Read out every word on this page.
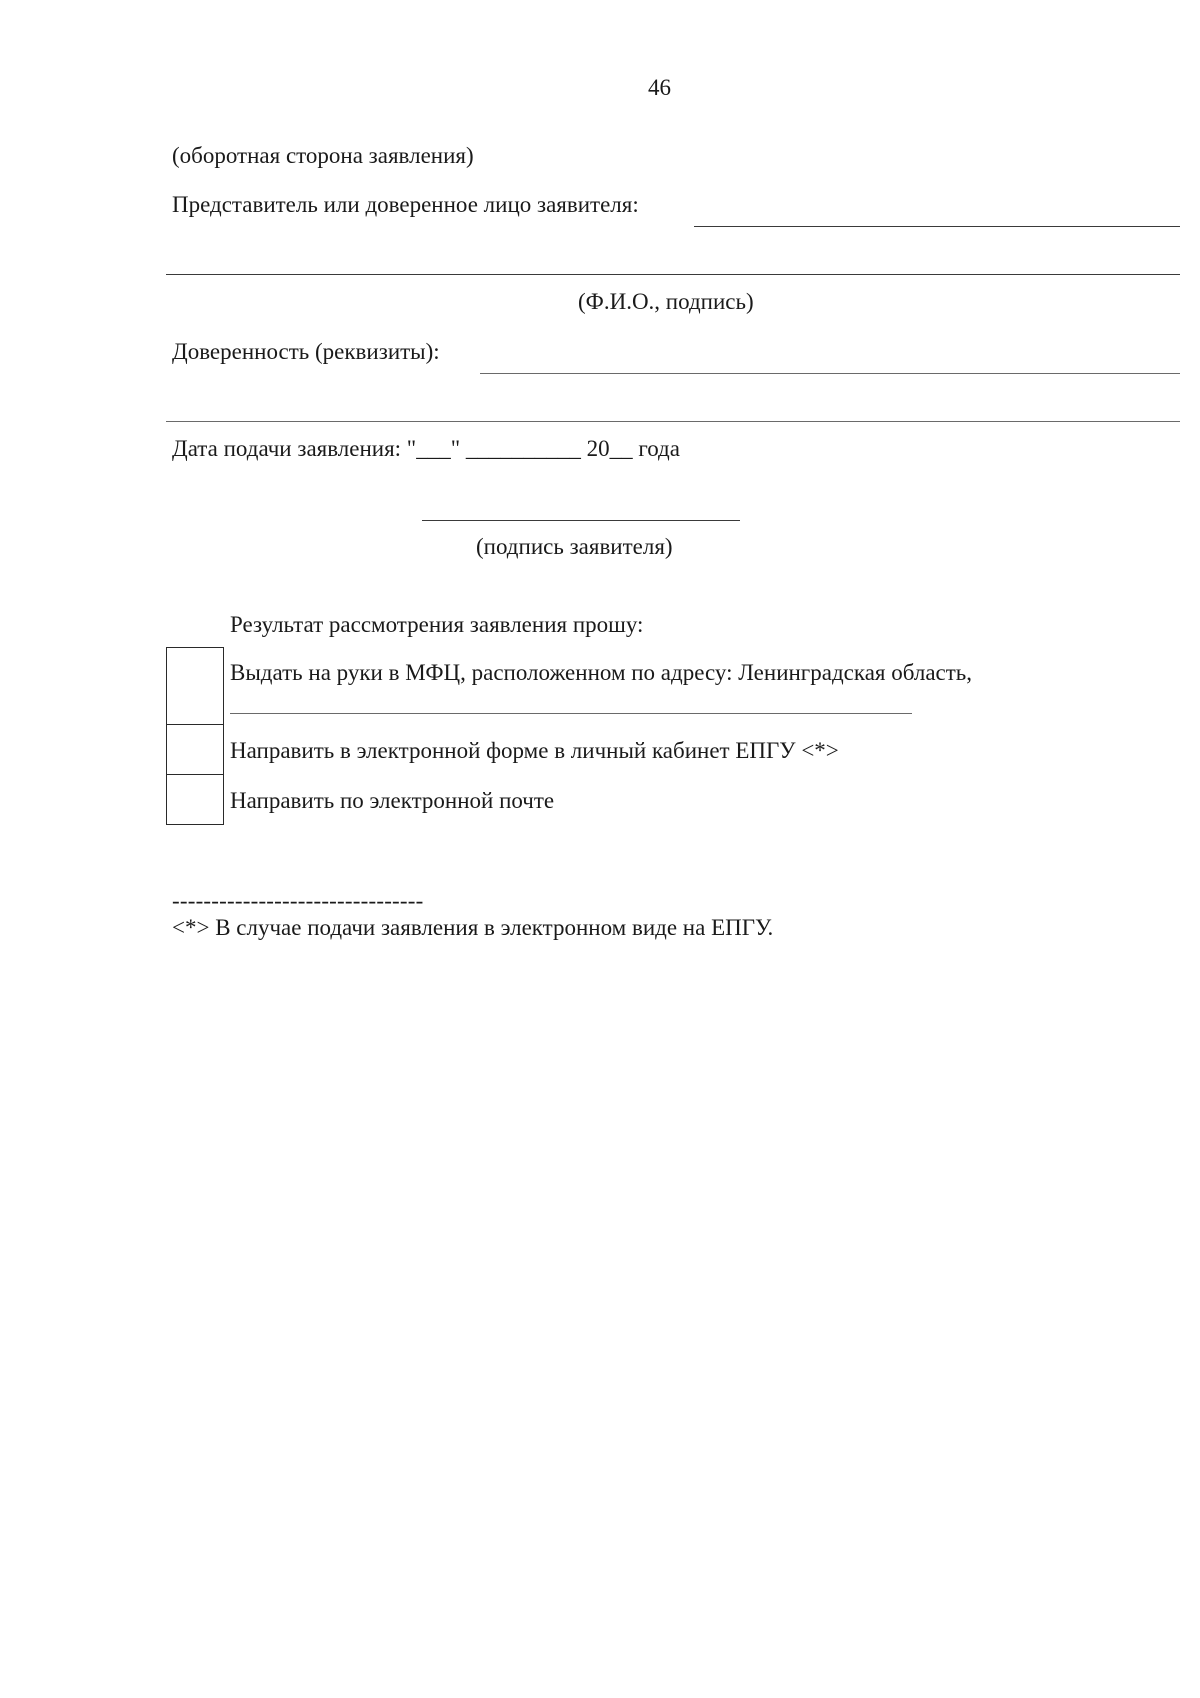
46
(оборотная сторона заявления)
Представитель или доверенное лицо заявителя:
(Ф.И.О., подпись)
Доверенность (реквизиты):
Дата подачи заявления: "___" __________ 20__ года
(подпись заявителя)
Результат рассмотрения заявления прошу:
Выдать на руки в МФЦ, расположенном по адресу: Ленинградская область,
Направить в электронной форме в личный кабинет ЕПГУ <*>
Направить по электронной почте
--------------------------------
<*> В случае подачи заявления в электронном виде на ЕПГУ.
